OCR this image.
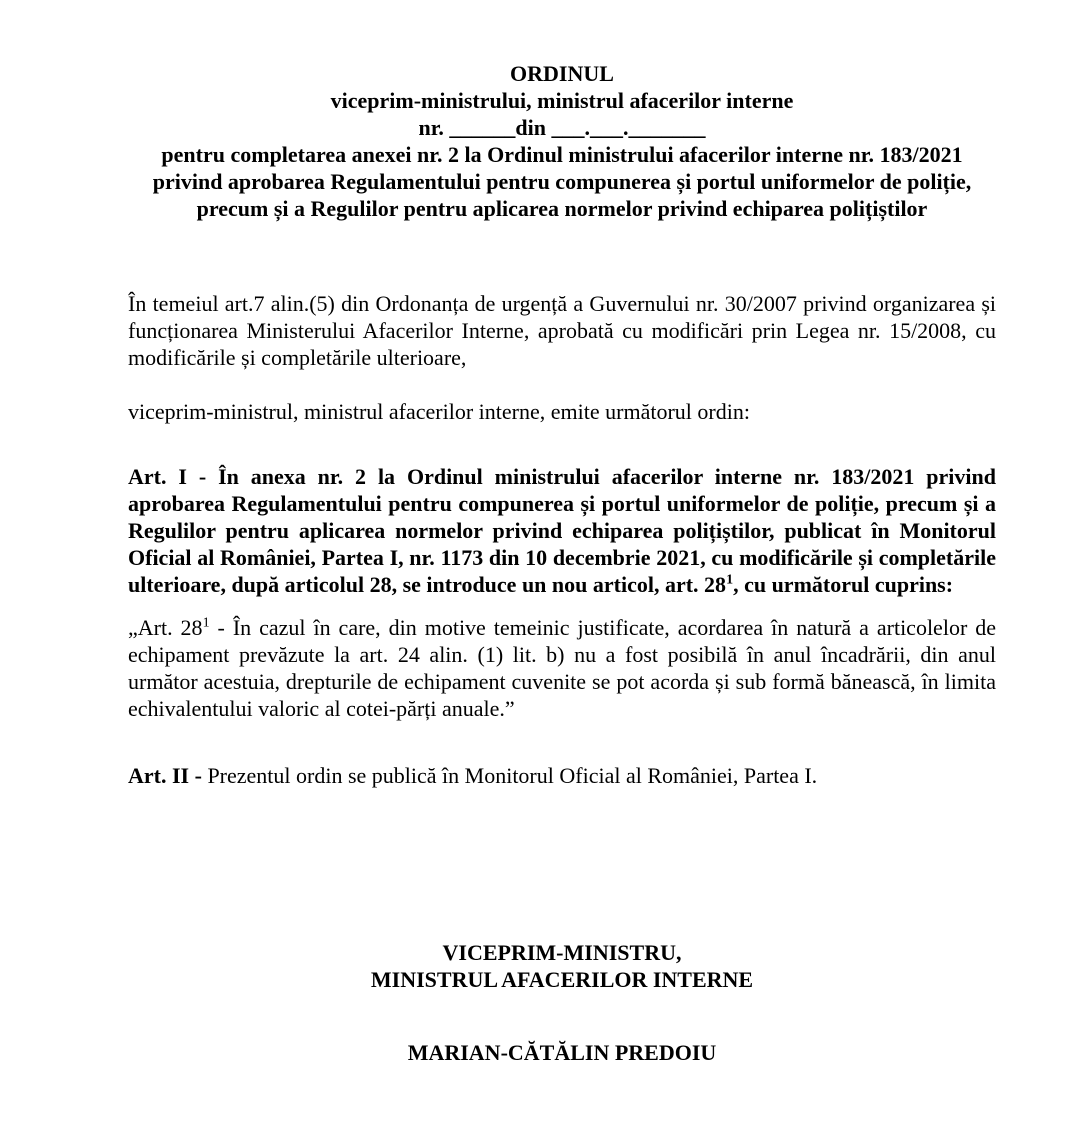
ORDINUL
viceprim-ministrului, ministrul afacerilor interne
nr. ______din ___.___._______
pentru completarea anexei nr. 2 la Ordinul ministrului afacerilor interne nr. 183/2021
privind aprobarea Regulamentului pentru compunerea și portul uniformelor de poliție,
precum și a Regulilor pentru aplicarea normelor privind echiparea polițiștilor

În temeiul art.7 alin.(5) din Ordonanța de urgență a Guvernului nr. 30/2007 privind organizarea și funcționarea Ministerului Afacerilor Interne, aprobată cu modificări prin Legea nr. 15/2008, cu modificările și completările ulterioare,

viceprim-ministrul, ministrul afacerilor interne, emite următorul ordin:

Art. I - În anexa nr. 2 la Ordinul ministrului afacerilor interne nr. 183/2021 privind aprobarea Regulamentului pentru compunerea și portul uniformelor de poliție, precum și a Regulilor pentru aplicarea normelor privind echiparea polițiștilor, publicat în Monitorul Oficial al României, Partea I, nr. 1173 din 10 decembrie 2021, cu modificările și completările ulterioare, după articolul 28, se introduce un nou articol, art. $28^1$, cu următorul cuprins:

„Art. $28^1$ - În cazul în care, din motive temeinic justificate, acordarea în natură a articolelor de echipament prevăzute la art. 24 alin. (1) lit. b) nu a fost posibilă în anul încadrării, din anul următor acestuia, drepturile de echipament cuvenite se pot acorda și sub formă bănească, în limita echivalentului valoric al cotei-părți anuale.”

Art. II - Prezentul ordin se publică în Monitorul Oficial al României, Partea I.

VICEPRIM-MINISTRU,
MINISTRUL AFACERILOR INTERNE
MARIAN-CĂTĂLIN PREDOIU
